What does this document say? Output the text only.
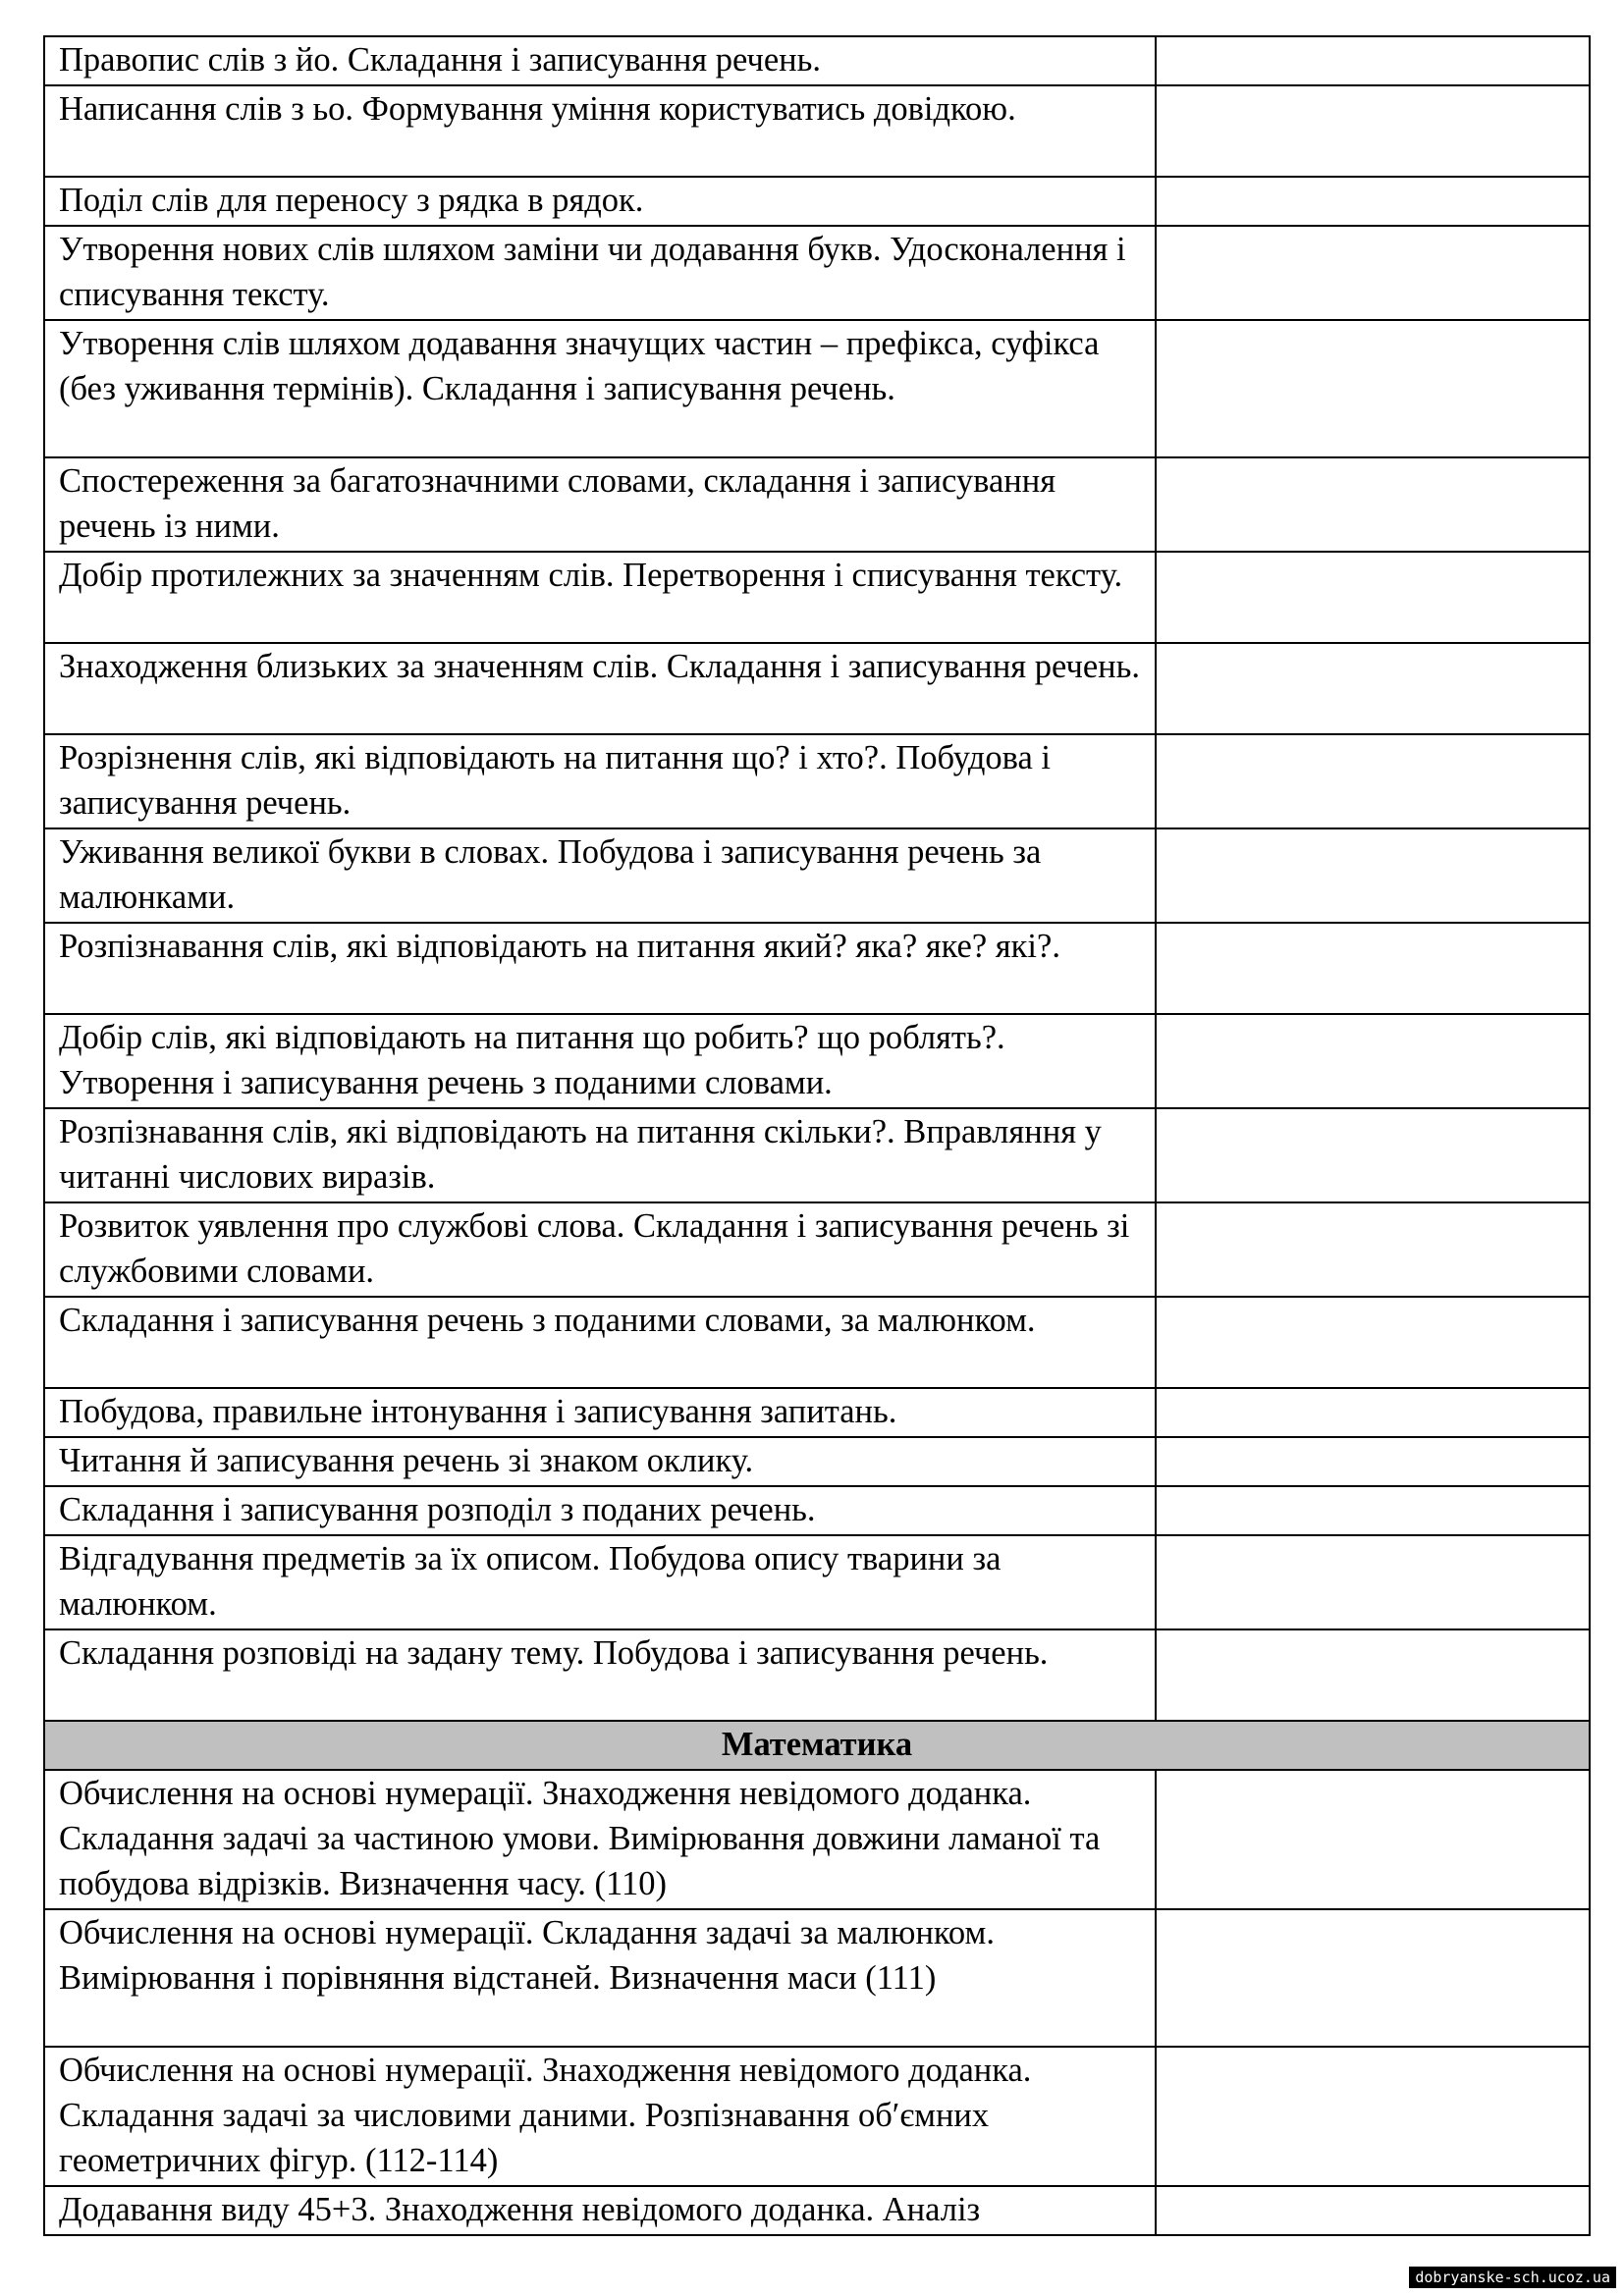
Правопис слів з йо. Складання і записування речень.	
Написання слів з ьо. Формування уміння користуватись довідкою.	
Поділ слів для переносу з рядка в рядок.	
Утворення нових слів шляхом заміни чи додавання букв. Удосконалення і списування тексту.	
Утворення слів шляхом додавання значущих частин – префікса, суфікса (без уживання термінів). Складання і записування речень.	
Спостереження за багатозначними словами, складання і записування речень із ними.	
Добір протилежних за значенням слів. Перетворення і списування тексту.	
Знаходження близьких за значенням слів. Складання і записування речень.	
Розрізнення слів, які відповідають на питання що? і хто?. Побудова і записування речень.	
Уживання великої букви в словах. Побудова і записування речень за малюнками.	
Розпізнавання слів, які відповідають на питання який? яка? яке? які?.	
Добір слів, які відповідають на питання що робить? що роблять?. Утворення і записування речень з поданими словами.	
Розпізнавання слів, які відповідають на питання скільки?. Вправляння у читанні числових виразів.	
Розвиток уявлення про службові слова. Складання і записування речень зі службовими словами.	
Складання і записування речень з поданими словами, за малюнком.	
Побудова, правильне інтонування і записування запитань.	
Читання й записування речень зі знаком оклику.	
Складання і записування розподіл з поданих речень.	
Відгадування предметів за їх описом. Побудова опису тварини за малюнком.	
Складання розповіді на задану тему. Побудова і записування речень.	
Математика	
Обчислення на основі нумерації. Знаходження невідомого доданка. Складання задачі за частиною умови. Вимірювання довжини ламаної та побудова відрізків. Визначення часу. (110)	
Обчислення на основі нумерації. Складання задачі за малюнком. Вимірювання і порівняння відстаней. Визначення маси (111)	
Обчислення на основі нумерації. Знаходження невідомого доданка. Складання задачі за числовими даними. Розпізнавання об′ємних геометричних фігур. (112-114)	
Додавання виду 45+3. Знаходження невідомого доданка. Аналіз	
dobryanske-sch.ucoz.ua
